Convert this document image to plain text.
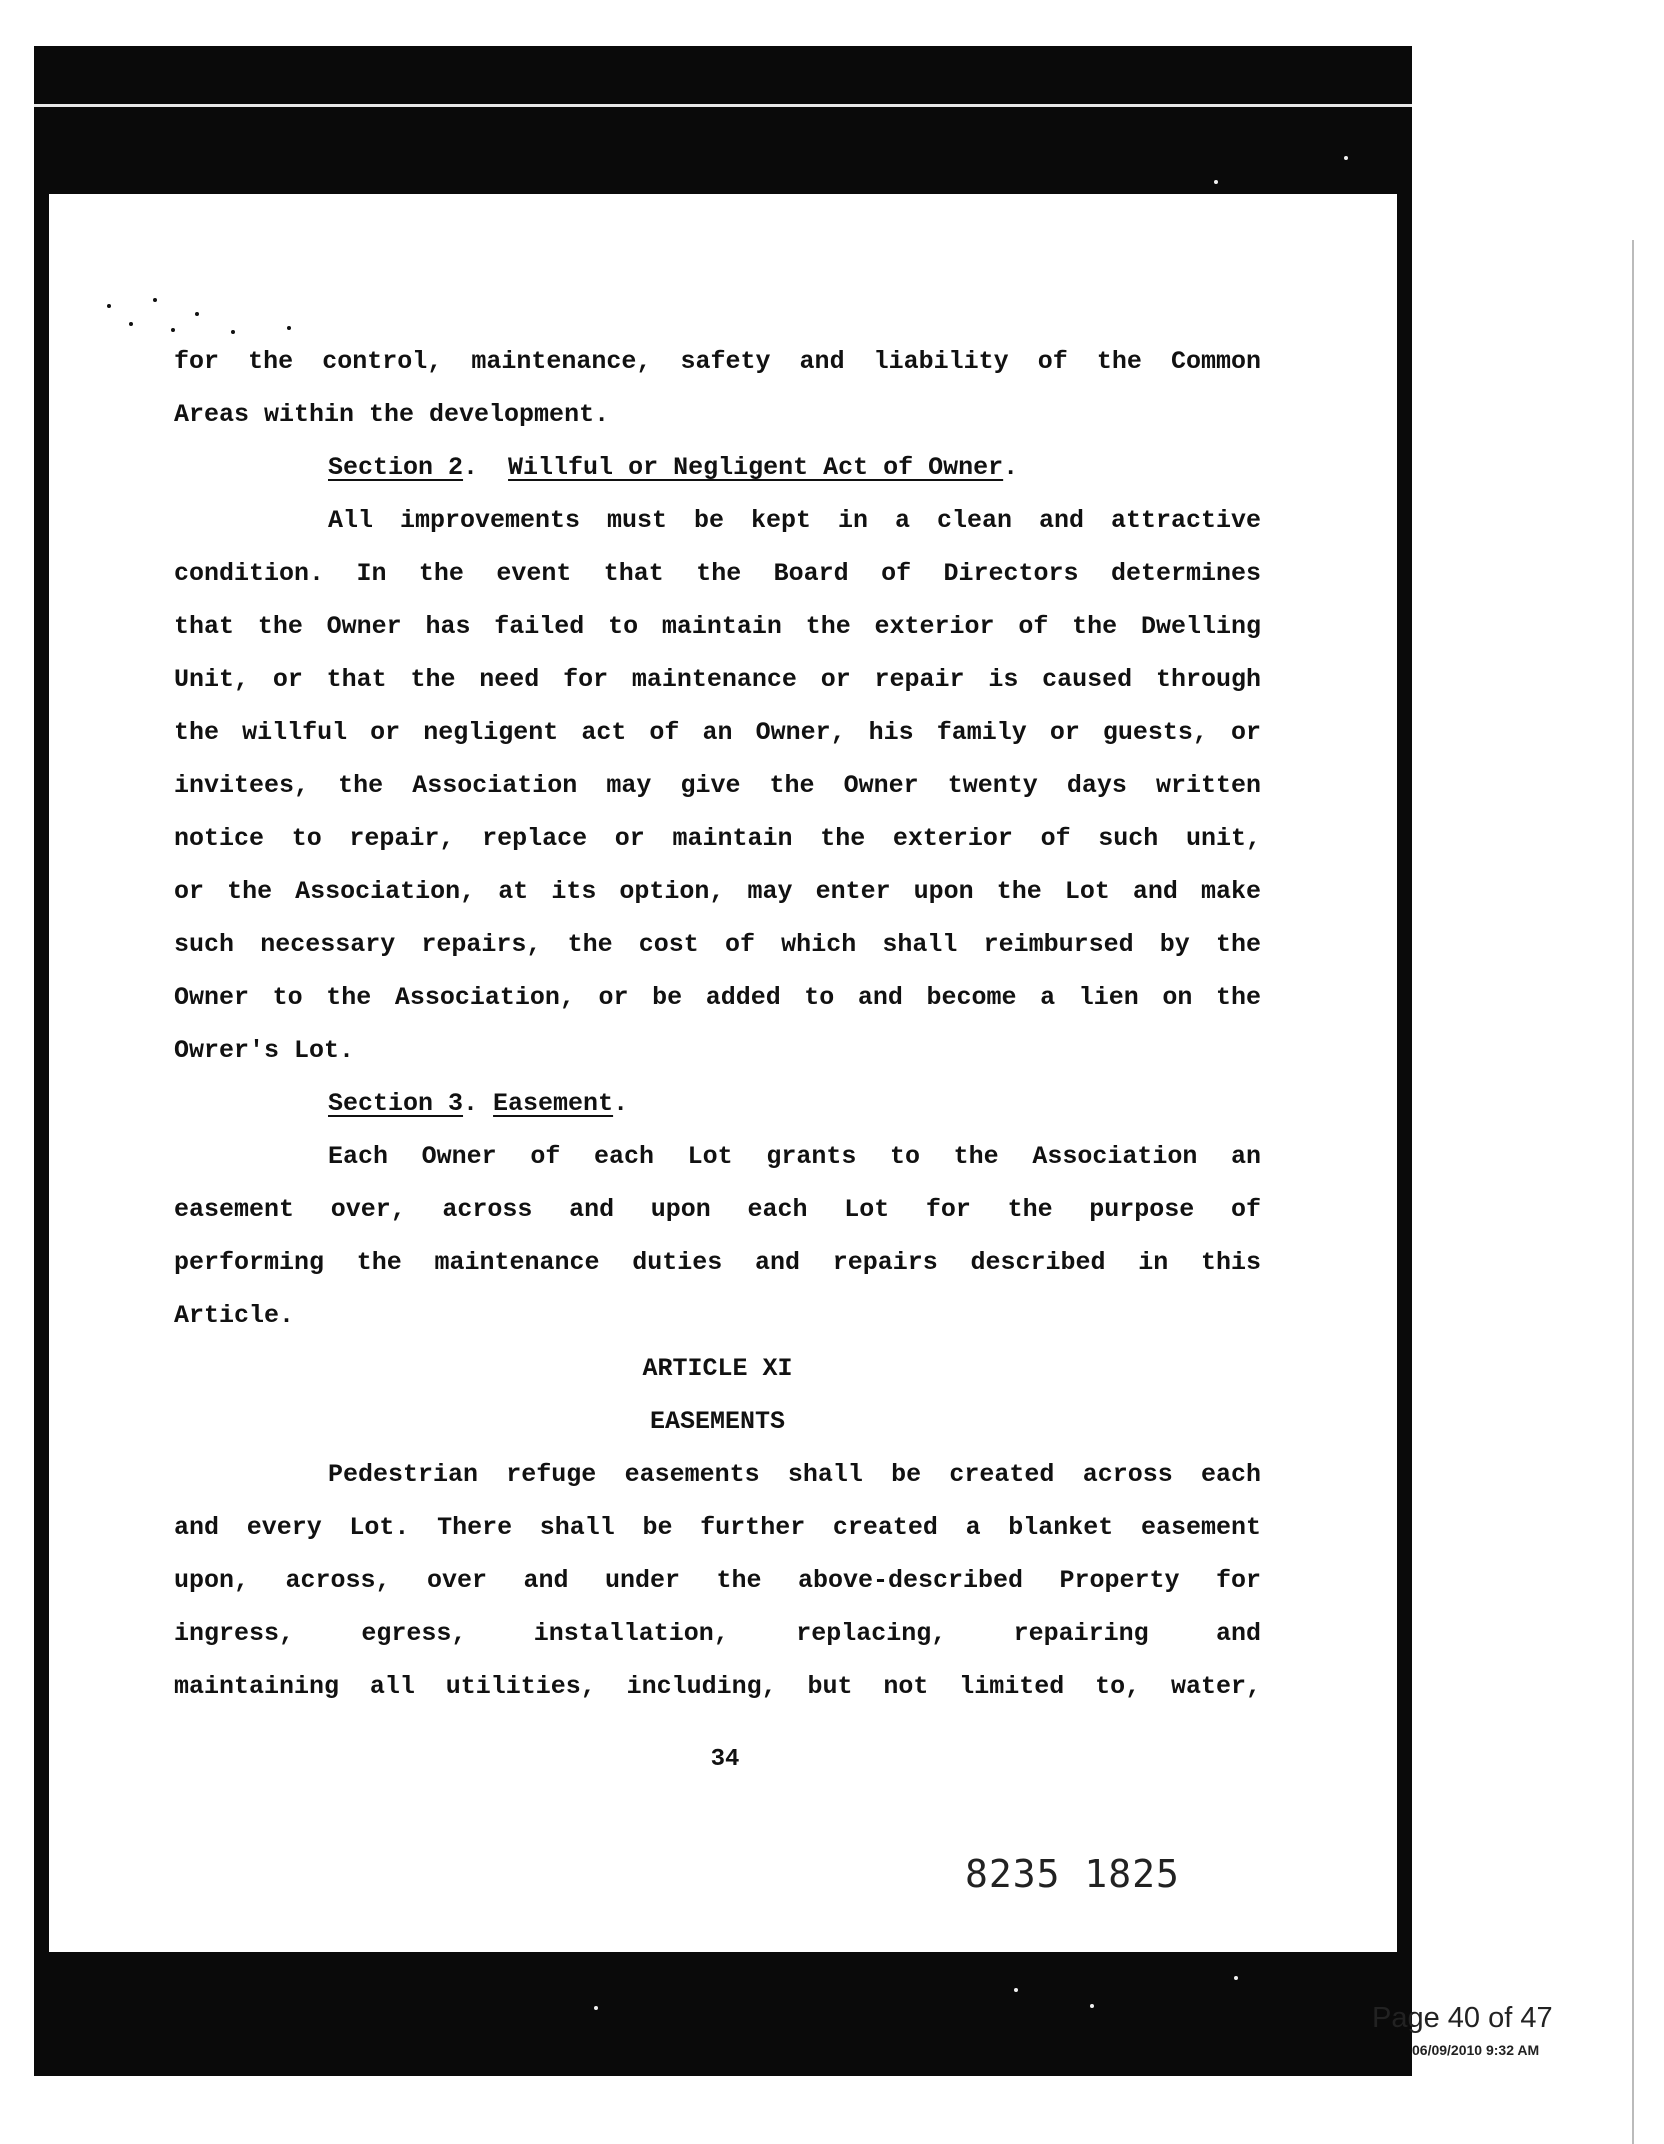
for the control, maintenance, safety and liability of the Common

Areas within the development.

Section 2.  Willful or Negligent Act of Owner.

All improvements must be kept in a clean and attractive

condition. In the event that the Board of Directors determines

that the Owner has failed to maintain the exterior of the Dwelling

Unit, or that the need for maintenance or repair is caused through

the willful or negligent act of an Owner, his family or guests, or

invitees, the Association may give the Owner twenty days written

notice to repair, replace or maintain the exterior of such unit,

or the Association, at its option, may enter upon the Lot and make

such necessary repairs, the cost of which shall reimbursed by the

Owner to the Association, or be added to and become a lien on the

Owrer's Lot.

Section 3. Easement.

Each Owner of each Lot grants to the Association an

easement over, across and upon each Lot for the purpose of

performing the maintenance duties and repairs described in this

Article.

ARTICLE XI

EASEMENTS

Pedestrian refuge easements shall be created across each

and every Lot. There shall be further created a blanket easement

upon, across, over and under the above-described Property for

ingress, egress, installation, replacing, repairing and

maintaining all utilities, including, but not limited to, water,

34
8235 1825
Page 40 of 47
06/09/2010 9:32 AM
